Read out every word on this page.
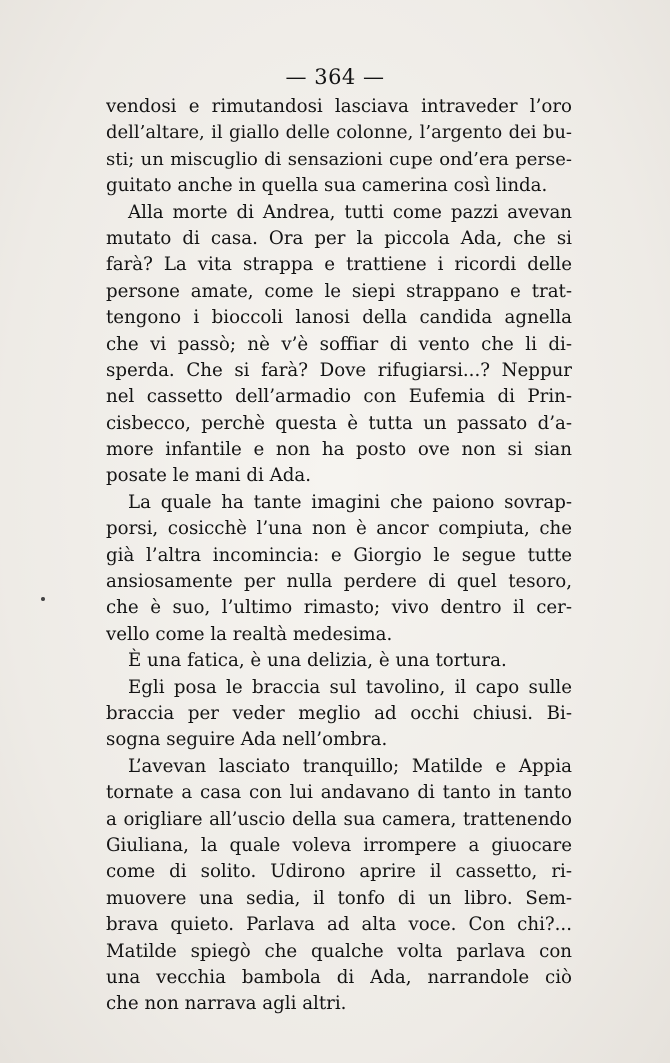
— 364 —
vendosi e rimutandosi lasciava intraveder l’oro
dell’altare, il giallo delle colonne, l’argento dei bu-
sti; un miscuglio di sensazioni cupe ond’era perse-
guitato anche in quella sua camerina così linda.
Alla morte di Andrea, tutti come pazzi avevan
mutato di casa. Ora per la piccola Ada, che si
farà? La vita strappa e trattiene i ricordi delle
persone amate, come le siepi strappano e trat-
tengono i bioccoli lanosi della candida agnella
che vi passò; nè v’è soffiar di vento che li di-
sperda. Che si farà? Dove rifugiarsi...? Neppur
nel cassetto dell’armadio con Eufemia di Prin-
cisbecco, perchè questa è tutta un passato d’a-
more infantile e non ha posto ove non si sian
posate le mani di Ada.
La quale ha tante imagini che paiono sovrap-
porsi, cosicchè l’una non è ancor compiuta, che
già l’altra incomincia: e Giorgio le segue tutte
ansiosamente per nulla perdere di quel tesoro,
che è suo, l’ultimo rimasto; vivo dentro il cer-
vello come la realtà medesima.
È una fatica, è una delizia, è una tortura.
Egli posa le braccia sul tavolino, il capo sulle
braccia per veder meglio ad occhi chiusi. Bi-
sogna seguire Ada nell’ombra.
L’avevan lasciato tranquillo; Matilde e Appia
tornate a casa con lui andavano di tanto in tanto
a origliare all’uscio della sua camera, trattenendo
Giuliana, la quale voleva irrompere a giuocare
come di solito. Udirono aprire il cassetto, ri-
muovere una sedia, il tonfo di un libro. Sem-
brava quieto. Parlava ad alta voce. Con chi?...
Matilde spiegò che qualche volta parlava con
una vecchia bambola di Ada, narrandole ciò
che non narrava agli altri.
